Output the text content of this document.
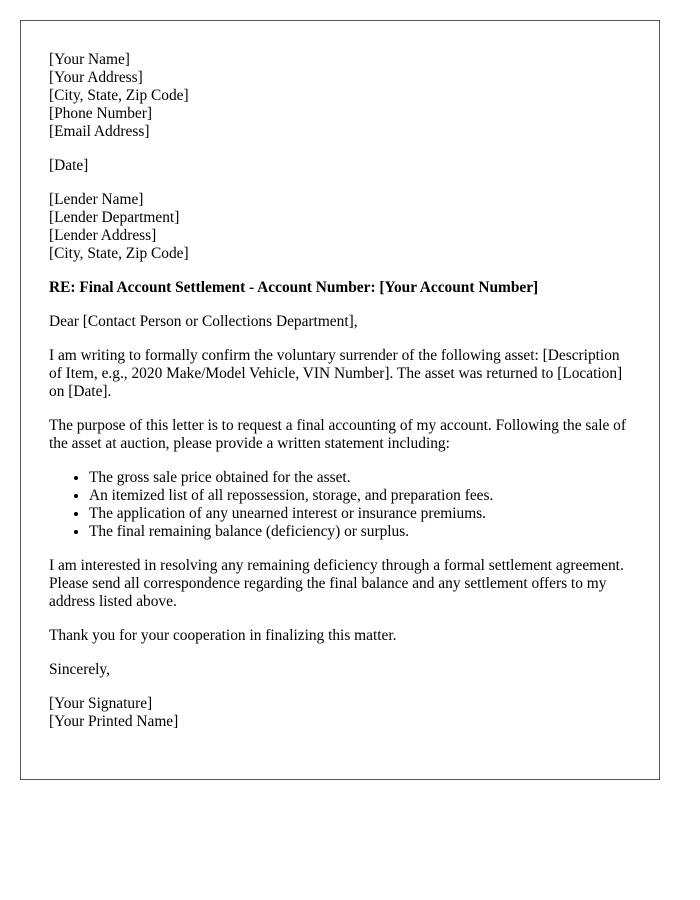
[Your Name]
[Your Address]
[City, State, Zip Code]
[Phone Number]
[Email Address]
[Date]
[Lender Name]
[Lender Department]
[Lender Address]
[City, State, Zip Code]
RE: Final Account Settlement - Account Number: [Your Account Number]

Dear [Contact Person or Collections Department],

I am writing to formally confirm the voluntary surrender of the following asset: [Description of Item, e.g., 2020 Make/Model Vehicle, VIN Number]. The asset was returned to [Location] on [Date].

The purpose of this letter is to request a final accounting of my account. Following the sale of the asset at auction, please provide a written statement including:

• The gross sale price obtained for the asset.
• An itemized list of all repossession, storage, and preparation fees.
• The application of any unearned interest or insurance premiums.
• The final remaining balance (deficiency) or surplus.

I am interested in resolving any remaining deficiency through a formal settlement agreement. Please send all correspondence regarding the final balance and any settlement offers to my address listed above.

Thank you for your cooperation in finalizing this matter.

Sincerely,

[Your Signature]
[Your Printed Name]
